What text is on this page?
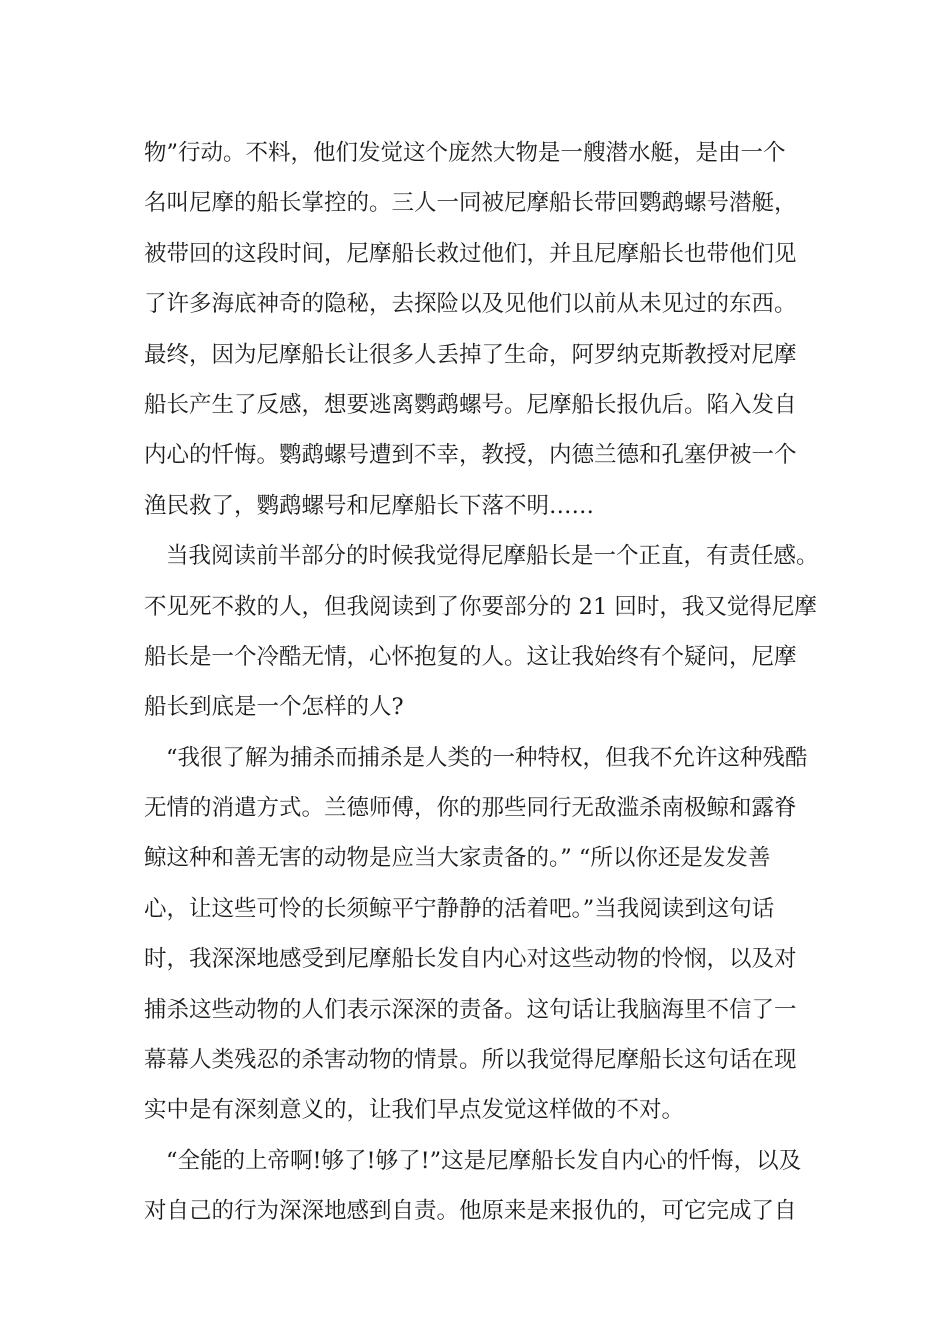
物”行动。不料，他们发觉这个庞然大物是一艘潜水艇，是由一个
名叫尼摩的船长掌控的。三人一同被尼摩船长带回鹦鹉螺号潜艇，
被带回的这段时间，尼摩船长救过他们，并且尼摩船长也带他们见
了许多海底神奇的隐秘，去探险以及见他们以前从未见过的东西。
最终，因为尼摩船长让很多人丢掉了生命，阿罗纳克斯教授对尼摩
船长产生了反感，想要逃离鹦鹉螺号。尼摩船长报仇后。陷入发自
内心的忏悔。鹦鹉螺号遭到不幸，教授，内德兰德和孔塞伊被一个
渔民救了，鹦鹉螺号和尼摩船长下落不明……
当我阅读前半部分的时候我觉得尼摩船长是一个正直，有责任感。
不见死不救的人，但我阅读到了你要部分的 21 回时，我又觉得尼摩
船长是一个冷酷无情，心怀抱复的人。这让我始终有个疑问，尼摩
船长到底是一个怎样的人?
“我很了解为捕杀而捕杀是人类的一种特权，但我不允许这种残酷
无情的消遣方式。兰德师傅，你的那些同行无敌滥杀南极鲸和露脊
鲸这种和善无害的动物是应当大家责备的。” “所以你还是发发善
心，让这些可怜的长须鲸平宁静静的活着吧。”当我阅读到这句话
时，我深深地感受到尼摩船长发自内心对这些动物的怜悯，以及对
捕杀这些动物的人们表示深深的责备。这句话让我脑海里不信了一
幕幕人类残忍的杀害动物的情景。所以我觉得尼摩船长这句话在现
实中是有深刻意义的，让我们早点发觉这样做的不对。
“全能的上帝啊!够了!够了!”这是尼摩船长发自内心的忏悔，以及
对自己的行为深深地感到自责。他原来是来报仇的，可它完成了自
